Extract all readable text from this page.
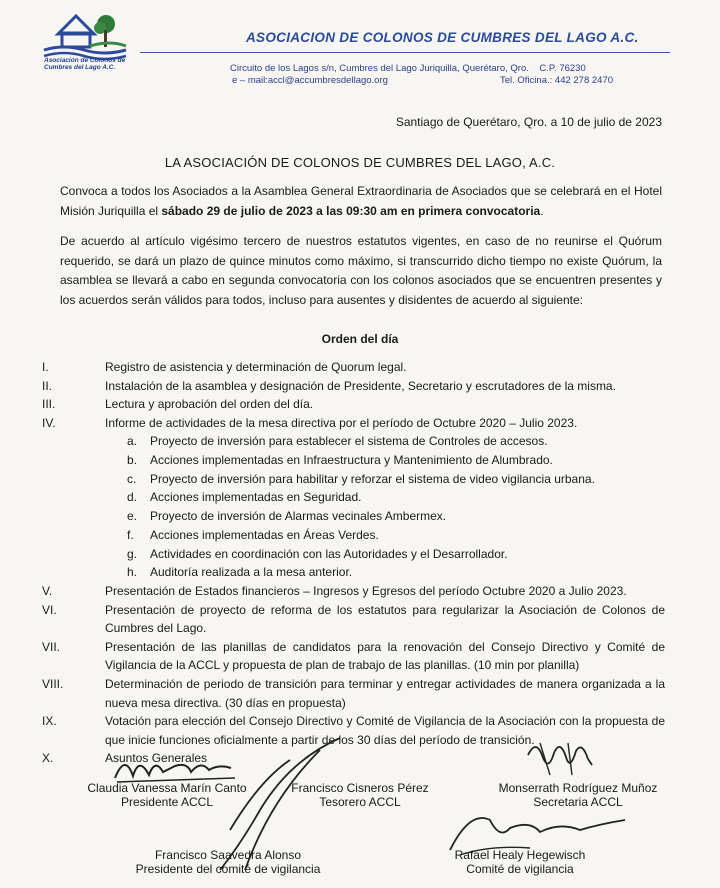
Asociación de Colonos de
Cumbres del Lago A.C.
ASOCIACION DE COLONOS DE CUMBRES DEL LAGO A.C.
Circuito de los Lagos s/n, Cumbres del Lago Juriquilla, Querétaro, Qro.    C.P. 76230
e – mail:accl@accumbresdellago.org	Tel. Oficina.: 442 278 2470
Santiago de Querétaro, Qro. a 10 de julio de 2023
LA ASOCIACIÓN DE COLONOS DE CUMBRES DEL LAGO, A.C.
Convoca a todos los Asociados a la Asamblea General Extraordinaria de Asociados que se celebrará en el Hotel Misión Juriquilla el sábado 29 de julio de 2023 a las 09:30 am en primera convocatoria.
De acuerdo al artículo vigésimo tercero de nuestros estatutos vigentes, en caso de no reunirse el Quórum requerido, se dará un plazo de quince minutos como máximo, si transcurrido dicho tiempo no existe Quórum, la asamblea se llevará a cabo en segunda convocatoria con los colonos asociados que se encuentren presentes y los acuerdos serán válidos para todos, incluso para ausentes y disidentes de acuerdo al siguiente:
Orden del día
I.	Registro de asistencia y determinación de Quorum legal.
II.	Instalación de la asamblea y designación de Presidente, Secretario y escrutadores de la misma.
III.	Lectura y aprobación del orden del día.
IV.	Informe de actividades de la mesa directiva por el período de Octubre 2020 – Julio 2023.
a. Proyecto de inversión para establecer el sistema de Controles de accesos.
b. Acciones implementadas en Infraestructura y Mantenimiento de Alumbrado.
c. Proyecto de inversión para habilitar y reforzar el sistema de video vigilancia urbana.
d. Acciones implementadas en Seguridad.
e. Proyecto de inversión de Alarmas vecinales Ambermex.
f. Acciones implementadas en Áreas Verdes.
g. Actividades en coordinación con las Autoridades y el Desarrollador.
h. Auditoría realizada a la mesa anterior.
V.	Presentación de Estados financieros – Ingresos y Egresos del período Octubre 2020 a Julio 2023.
VI.	Presentación de proyecto de reforma de los estatutos para regularizar la Asociación de Colonos de Cumbres del Lago.
VII.	Presentación de las planillas de candidatos para la renovación del Consejo Directivo y Comité de Vigilancia de la ACCL y propuesta de plan de trabajo de las planillas. (10 min por planilla)
VIII.	Determinación de periodo de transición para terminar y entregar actividades de manera organizada a la nueva mesa directiva. (30 días en propuesta)
IX.	Votación para elección del Consejo Directivo y Comité de Vigilancia de la Asociación con la propuesta de que inicie funciones oficialmente a partir de los 30 días del período de transición.
X.	Asuntos Generales
Claudia Vanessa Marín Canto
Presidente ACCL
Francisco Cisneros Pérez
Tesorero ACCL
Monserrath Rodríguez Muñoz
Secretaria ACCL
Francisco Saavedra Alonso
Presidente del comité de vigilancia
Rafael Healy Hegewisch
Comité de vigilancia
